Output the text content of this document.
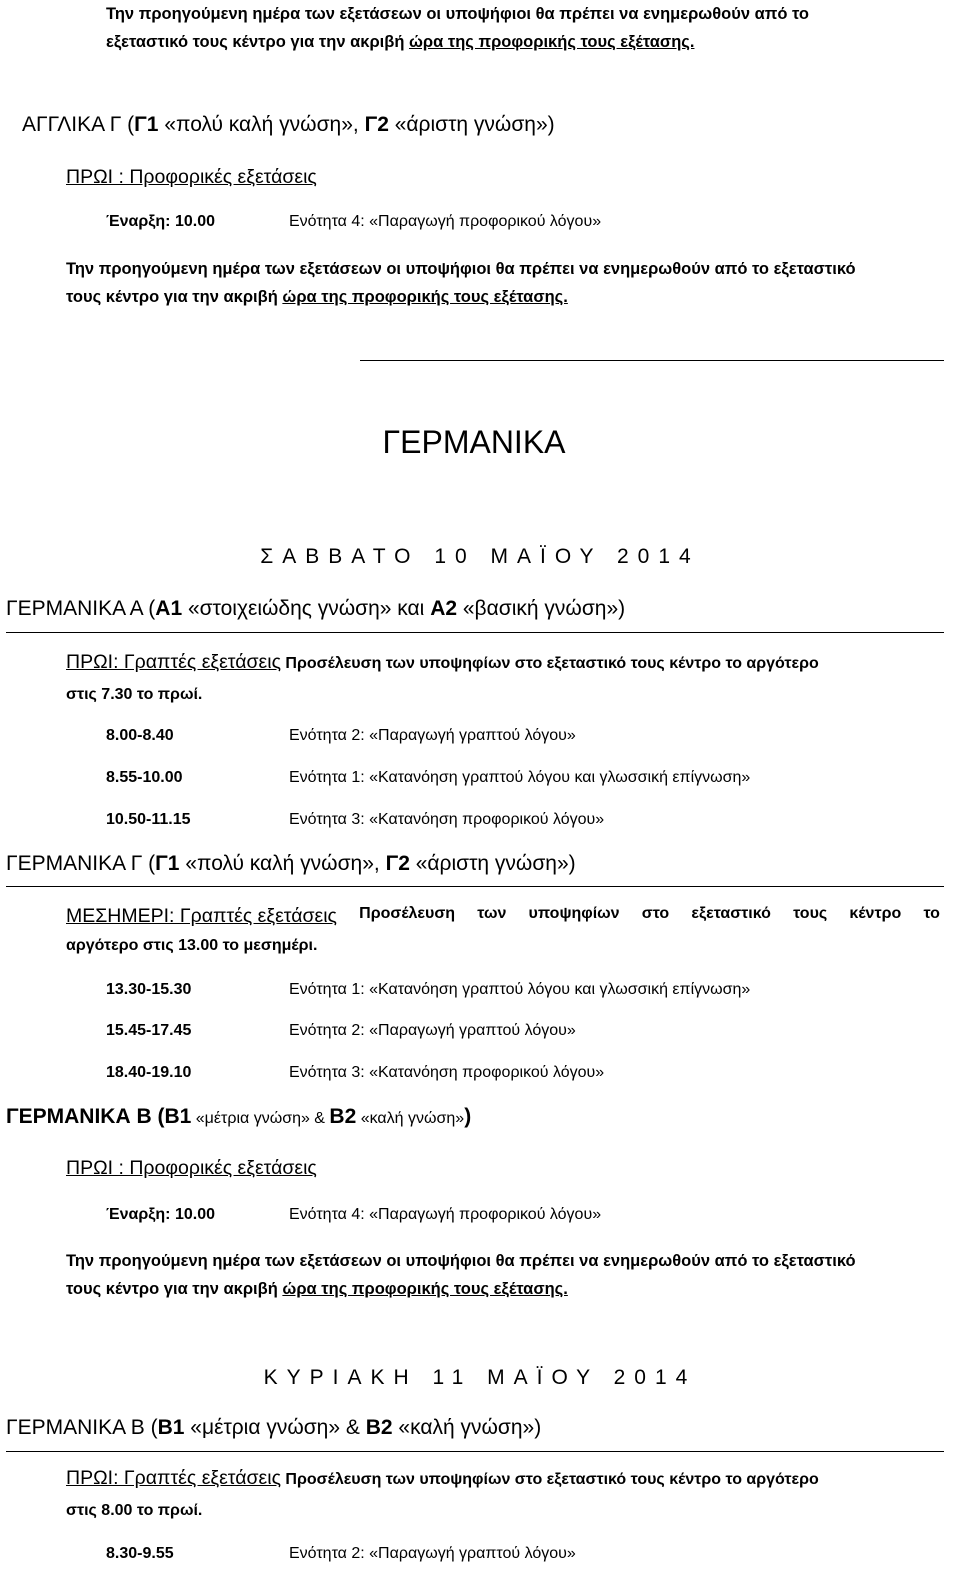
Την προηγούμενη ημέρα των εξετάσεων οι υποψήφιοι θα πρέπει να ενημερωθούν από το
εξεταστικό τους κέντρο για την ακριβή ώρα της προφορικής τους εξέτασης.
ΑΓΓΛΙΚΑ Γ (Γ1 «πολύ καλή γνώση», Γ2 «άριστη γνώση»)
ΠΡΩΙ : Προφορικές εξετάσεις
Έναρξη: 10.00	Ενότητα 4: «Παραγωγή προφορικού λόγου»
Την προηγούμενη ημέρα των εξετάσεων οι υποψήφιοι θα πρέπει να ενημερωθούν από το εξεταστικό
τους κέντρο για την ακριβή ώρα της προφορικής τους εξέτασης.
ΓΕΡΜΑΝΙΚΑ
ΣΑΒΒΑΤΟ 10 ΜΑΪΟΥ 2014
ΓΕΡΜΑΝΙΚΑ Α (Α1 «στοιχειώδης γνώση» και Α2 «βασική γνώση»)
ΠΡΩΙ: Γραπτές εξετάσεις Προσέλευση των υποψηφίων στο εξεταστικό τους κέντρο το αργότερο
στις 7.30 το πρωί.
8.00-8.40	Ενότητα 2: «Παραγωγή γραπτού λόγου»
8.55-10.00	Ενότητα 1: «Κατανόηση γραπτού λόγου και γλωσσική επίγνωση»
10.50-11.15	Ενότητα 3: «Κατανόηση προφορικού λόγου»
ΓΕΡΜΑΝΙΚΑ Γ (Γ1 «πολύ καλή γνώση», Γ2 «άριστη γνώση»)
ΜΕΣΗΜΕΡΙ: Γραπτές εξετάσεις Προσέλευση των υποψηφίων στο εξεταστικό τους κέντρο το
αργότερο στις 13.00 το μεσημέρι.
13.30-15.30	Ενότητα 1: «Κατανόηση γραπτού λόγου και γλωσσική επίγνωση»
15.45-17.45	Ενότητα 2: «Παραγωγή γραπτού λόγου»
18.40-19.10	Ενότητα 3: «Κατανόηση προφορικού λόγου»
ΓΕΡΜΑΝΙΚΑ Β (Β1 «μέτρια γνώση» & Β2 «καλή γνώση»)
ΠΡΩΙ : Προφορικές εξετάσεις
Έναρξη: 10.00	Ενότητα 4: «Παραγωγή προφορικού λόγου»
Την προηγούμενη ημέρα των εξετάσεων οι υποψήφιοι θα πρέπει να ενημερωθούν από το εξεταστικό
τους κέντρο για την ακριβή ώρα της προφορικής τους εξέτασης.
ΚΥΡΙΑΚΗ 11 ΜΑΪΟΥ 2014
ΓΕΡΜΑΝΙΚΑ Β (Β1 «μέτρια γνώση» & Β2 «καλή γνώση»)
ΠΡΩΙ: Γραπτές εξετάσεις Προσέλευση των υποψηφίων στο εξεταστικό τους κέντρο το αργότερο
στις 8.00 το πρωί.
8.30-9.55	Ενότητα 2: «Παραγωγή γραπτού λόγου»
